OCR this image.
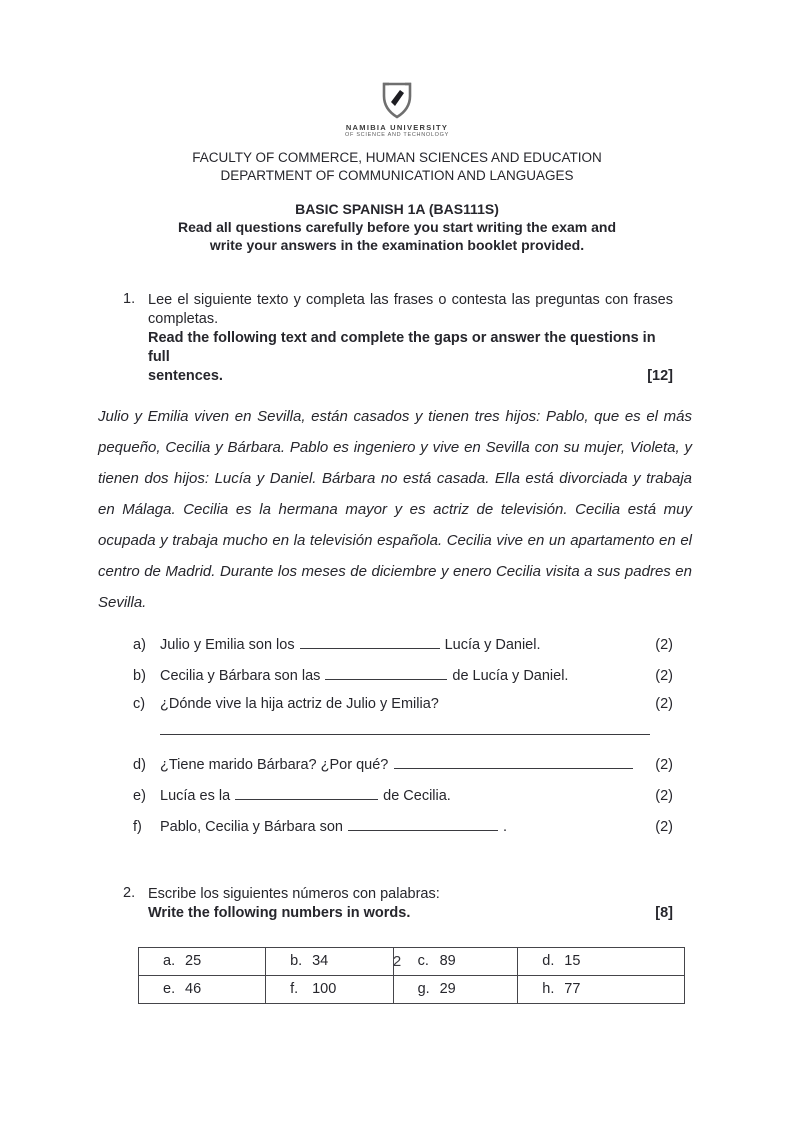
NAMIBIA UNIVERSITY
OF SCIENCE AND TECHNOLOGY
FACULTY OF COMMERCE, HUMAN SCIENCES AND EDUCATION
DEPARTMENT OF COMMUNICATION AND LANGUAGES
BASIC SPANISH 1A (BAS111S)
Read all questions carefully before you start writing the exam and
write your answers in the examination booklet provided.
1. Lee el siguiente texto y completa las frases o contesta las preguntas con frases
completas.
Read the following text and complete the gaps or answer the questions in full
sentences.	[12]

Julio y Emilia viven en Sevilla, están casados y tienen tres hijos: Pablo, que es el más pequeño, Cecilia y Bárbara. Pablo es ingeniero y vive en Sevilla con su mujer, Violeta, y tienen dos hijos: Lucía y Daniel. Bárbara no está casada. Ella está divorciada y trabaja en Málaga. Cecilia es la hermana mayor y es actriz de televisión. Cecilia está muy ocupada y trabaja mucho en la televisión española. Cecilia vive en un apartamento en el centro de Madrid. Durante los meses de diciembre y enero Cecilia visita a sus padres en Sevilla.

a) Julio y Emilia son los	Lucía y Daniel.	(2)
b) Cecilia y Bárbara son las	de Lucía y Daniel.	(2)
c)	¿Dónde vive la hija actriz de Julio y Emilia?	(2)
d) ¿Tiene marido Bárbara? ¿Por qué?	(2)
e) Lucía es la	de Cecilia.	(2)
f)	Pablo, Cecilia y Bárbara son	.	(2)
2. Escribe los siguientes números con palabras:
Write the following numbers in words.	[8]
a. 25	b. 34	c. 89	d. 15
e. 46	f. 100	g. 29	h. 77
2
